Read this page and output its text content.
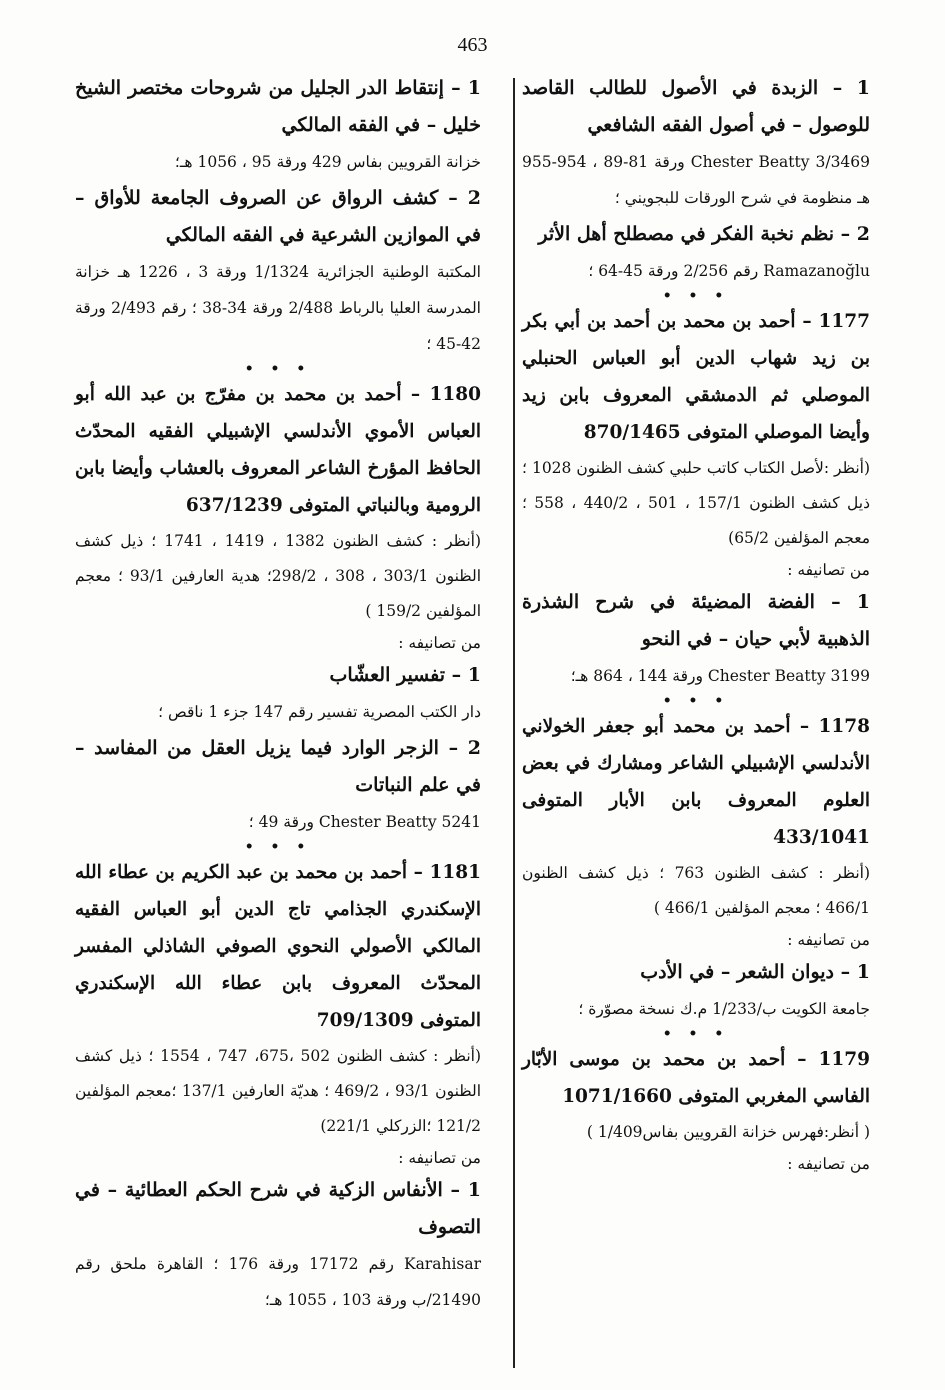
463
1 – الزبدة في الأصول للطالب القاصد للوصول – في أصول الفقه الشافعي
Chester Beatty 3/3469 ورقة 81-89 ، 954-955 هـ منظومة في شرح الورقات للبجويني ؛
2 – نظم نخبة الفكر في مصطلح أهل الأثر
Ramazanoğlu رقم 2/256 ورقة 45-64 ؛
• • •
1177 – أحمد بن محمد بن أحمد بن أبي بكر بن زيد شهاب الدين أبو العباس الحنبلي الموصلي ثم الدمشقي المعروف بابن زيد وأيضا الموصلي المتوفى 870/1465
(أنظر :لأصل الكتاب كاتب حلبي كشف الظنون 1028 ؛ ذيل كشف الظنون 157/1 ، 501 ، 440/2 ، 558 ؛ معجم المؤلفين 65/2)
من تصانيفه :
1 – الفضة المضيئة في شرح الشذرة الذهبية لأبي حيان – في النحو
Chester Beatty 3199 ورقة 144 ، 864 هـ؛
• • •
1178 – أحمد بن محمد أبو جعفر الخولاني الأندلسي الإشبيلي الشاعر ومشارك في بعض العلوم المعروف بابن الأبار المتوفى 433/1041
(أنظر : كشف الظنون 763 ؛ ذيل كشف الظنون 466/1 ؛ معجم المؤلفين 466/1 )
من تصانيفه :
1 – ديوان الشعر – في الأدب
جامعة الكويت ب/1/233 م.ك نسخة مصوّرة ؛
• • •
1179 – أحمد بن محمد بن موسى الأبّار الفاسي المغربي المتوفى 1071/1660
( أنظر:فهرس خزانة القرويين بفاس1/409 )
من تصانيفه :
1 – إنتقاط الدر الجليل من شروحات مختصر الشيخ خليل – في الفقه المالكي
خزانة القرويين بفاس 429 ورقة 95 ، 1056 هـ؛
2 – كشف الرواق عن الصروف الجامعة للأواق – في الموازين الشرعية في الفقه المالكي
المكتبة الوطنية الجزائرية 1/1324 ورقة 3 ، 1226 هـ خزانة المدرسة العليا بالرباط 2/488 ورقة 34-38 ؛ رقم 2/493 ورقة 42-45 ؛
• • •
1180 – أحمد بن محمد بن مفرّج بن عبد الله أبو العباس الأموي الأندلسي الإشبيلي الفقيه المحدّث الحافظ المؤرخ الشاعر المعروف بالعشاب وأيضا بابن الرومية وبالنباتي المتوفى 637/1239
(أنظر : كشف الظنون 1382 ، 1419 ، 1741 ؛ ذيل كشف الظنون 303/1 ، 308 ، 298/2؛ هدية العارفين 93/1 ؛ معجم المؤلفين 159/2 )
من تصانيفه :
1 – تفسير العشّاب
دار الكتب المصرية تفسير رقم 147 جزء 1 ناقص ؛
2 – الزجر الوارد فيما يزيل العقل من المفاسد – في علم النباتات
Chester Beatty 5241 ورقة 49 ؛
• • •
1181 – أحمد بن محمد بن عبد الكريم بن عطاء الله الإسكندري الجذامي تاج الدين أبو العباس الفقيه المالكي الأصولي النحوي الصوفي الشاذلي المفسر المحدّث المعروف بابن عطاء الله الإسكندري المتوفى 709/1309
(أنظر : كشف الظنون 502 ،675، 747 ، 1554 ؛ ذيل كشف الظنون 93/1 ، 469/2 ؛ هديّة العارفين 137/1 ؛معجم المؤلفين 121/2 ؛الزركلي 221/1)
من تصانيفه :
1 – الأنفاس الزكية في شرح الحكم العطائية – في التصوف
Karahisar رقم 17172 ورقة 176 ؛ القاهرة ملحق رقم 21490/ب ورقة 103 ، 1055 هـ؛
